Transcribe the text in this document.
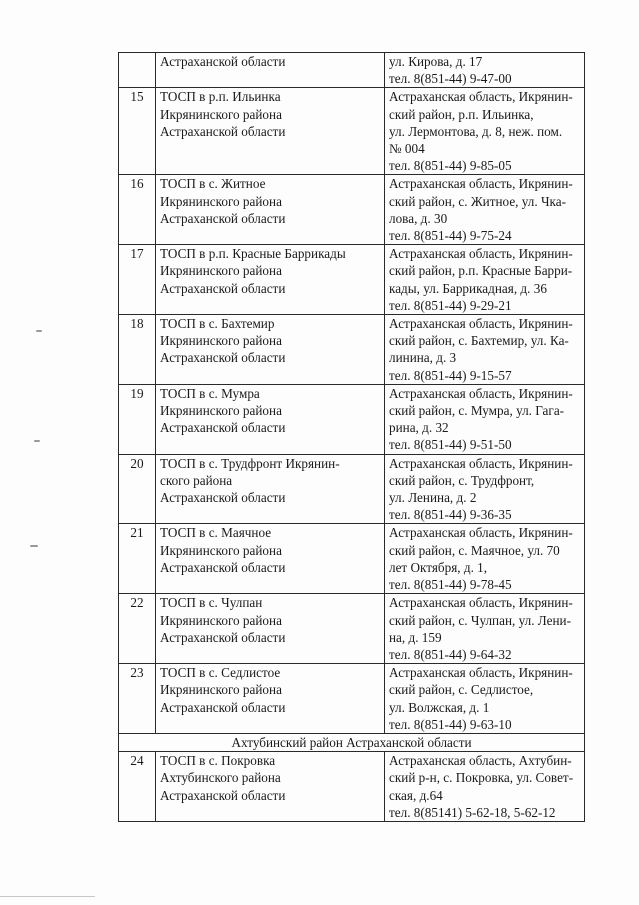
	Астраханской области	ул. Кирова, д. 17
тел. 8(851-44) 9-47-00

15	ТОСП в р.п. Ильинка
Икрянинского района
Астраханской области	Астраханская область, Икрянин-
ский район, р.п. Ильинка,
ул. Лермонтова, д. 8, неж. пом.
№ 004
тел. 8(851-44) 9-85-05

16	ТОСП в с. Житное
Икрянинского района
Астраханской области	Астраханская область, Икрянин-
ский район, с. Житное, ул. Чка-
лова, д. 30
тел. 8(851-44) 9-75-24

17	ТОСП в р.п. Красные Баррикады
Икрянинского района
Астраханской области	Астраханская область, Икрянин-
ский район, р.п. Красные Барри-
кады, ул. Баррикадная, д. 36
тел. 8(851-44) 9-29-21

18	ТОСП в с. Бахтемир
Икрянинского района
Астраханской области	Астраханская область, Икрянин-
ский район, с. Бахтемир, ул. Ка-
линина, д. 3
тел. 8(851-44) 9-15-57

19	ТОСП в с. Мумра
Икрянинского района
Астраханской области	Астраханская область, Икрянин-
ский район, с. Мумра, ул. Гага-
рина, д. 32
тел. 8(851-44) 9-51-50

20	ТОСП в с. Трудфронт Икрянин-
ского района
Астраханской области	Астраханская область, Икрянин-
ский район, с. Трудфронт,
ул. Ленина, д. 2
тел. 8(851-44) 9-36-35

21	ТОСП в с. Маячное
Икрянинского района
Астраханской области	Астраханская область, Икрянин-
ский район, с. Маячное, ул. 70
лет Октября, д. 1,
тел. 8(851-44) 9-78-45

22	ТОСП в с. Чулпан
Икрянинского района
Астраханской области	Астраханская область, Икрянин-
ский район, с. Чулпан, ул. Лени-
на, д. 159
тел. 8(851-44) 9-64-32

23	ТОСП в с. Седлистое
Икрянинского района
Астраханской области	Астраханская область, Икрянин-
ский район, с. Седлистое,
ул. Волжская, д. 1
тел. 8(851-44) 9-63-10

Ахтубинский район Астраханской области		
24	ТОСП в с. Покровка
Ахтубинского района
Астраханской области	Астраханская область, Ахтубин-
ский р-н, с. Покровка, ул. Совет-
ская, д.64
тел. 8(85141) 5-62-18, 5-62-12
